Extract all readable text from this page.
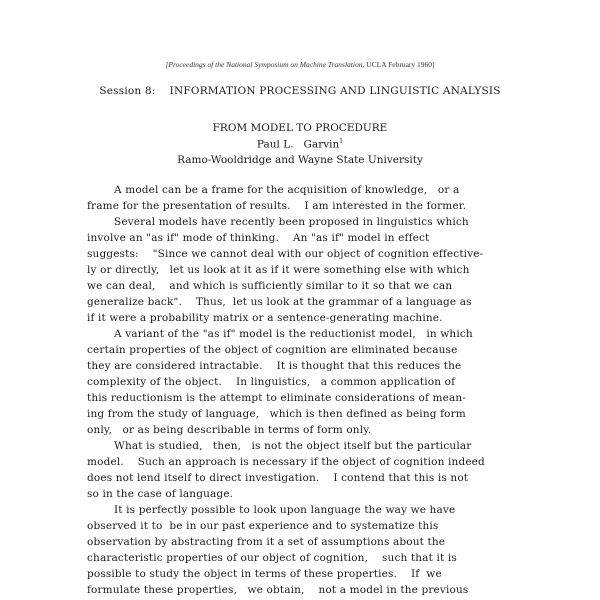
[Proceedings of the National Symposium on Machine Translation, UCLA February 1960]
Session 8:    INFORMATION PROCESSING AND LINGUISTIC ANALYSIS
FROM MODEL TO PROCEDURE
Paul L.   Garvin$^1$
Ramo-Wooldridge and Wayne State University
A model can be a frame for the acquisition of knowledge,   or a
frame for the presentation of results.    I am interested in the former.
Several models have recently been proposed in linguistics which
involve an "as if" mode of thinking.    An "as if" model in effect
suggests:    "Since we cannot deal with our object of cognition effective-
ly or directly,   let us look at it as if it were something else with which
we can deal,    and which is sufficiently similar to it so that we can
generalize back".    Thus,  let us look at the grammar of a language as
if it were a probability matrix or a sentence-generating machine.
A variant of the "as if" model is the reductionist model,   in which
certain properties of the object of cognition are eliminated because
they are considered intractable.    It is thought that this reduces the
complexity of the object.    In linguistics,   a common application of
this reductionism is the attempt to eliminate considerations of mean-
ing from the study of language,   which is then defined as being form
only,   or as being describable in terms of form only.
What is studied,   then,   is not the object itself but the particular
model.    Such an approach is necessary if the object of cognition indeed
does not lend itself to direct investigation.    I contend that this is not
so in the case of language.
It is perfectly possible to look upon language the way we have
observed it to  be in our past experience and to systematize this
observation by abstracting from it a set of assumptions about the
characteristic properties of our object of cognition,    such that it is
possible to study the object in terms of these properties.    If  we
formulate these properties,   we obtain,    not a model in the previous
